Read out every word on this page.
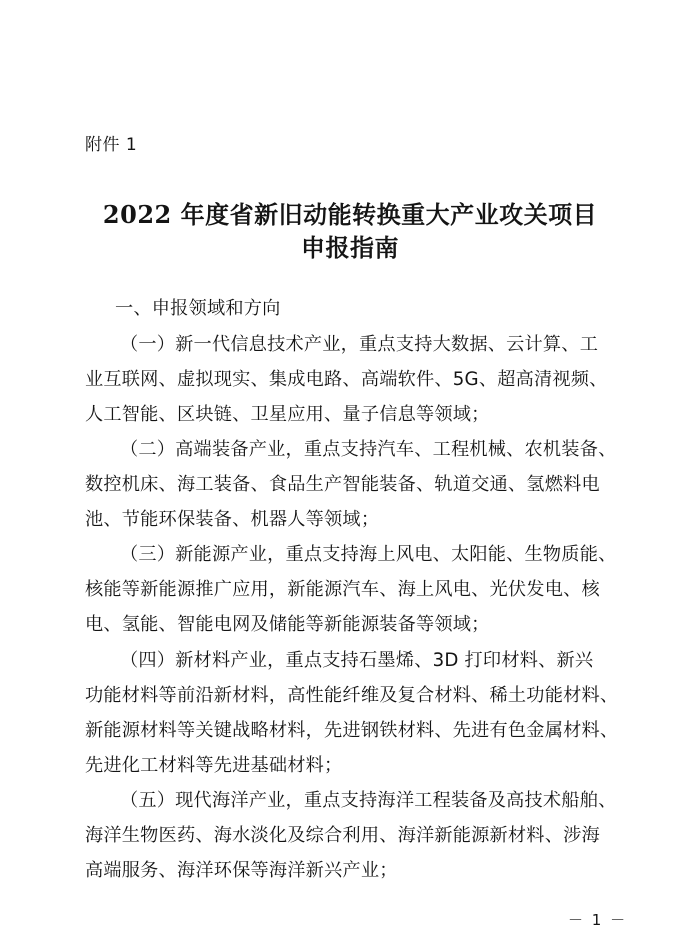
附件 1
2022 年度省新旧动能转换重大产业攻关项目
申报指南
一、申报领域和方向
（一）新一代信息技术产业，重点支持大数据、云计算、工
业互联网、虚拟现实、集成电路、高端软件、5G、超高清视频、
人工智能、区块链、卫星应用、量子信息等领域；
（二）高端装备产业，重点支持汽车、工程机械、农机装备、
数控机床、海工装备、食品生产智能装备、轨道交通、氢燃料电
池、节能环保装备、机器人等领域；
（三）新能源产业，重点支持海上风电、太阳能、生物质能、
核能等新能源推广应用，新能源汽车、海上风电、光伏发电、核
电、氢能、智能电网及储能等新能源装备等领域；
（四）新材料产业，重点支持石墨烯、3D 打印材料、新兴
功能材料等前沿新材料，高性能纤维及复合材料、稀土功能材料、
新能源材料等关键战略材料，先进钢铁材料、先进有色金属材料、
先进化工材料等先进基础材料；
（五）现代海洋产业，重点支持海洋工程装备及高技术船舶、
海洋生物医药、海水淡化及综合利用、海洋新能源新材料、涉海
高端服务、海洋环保等海洋新兴产业；
－ 1 －
